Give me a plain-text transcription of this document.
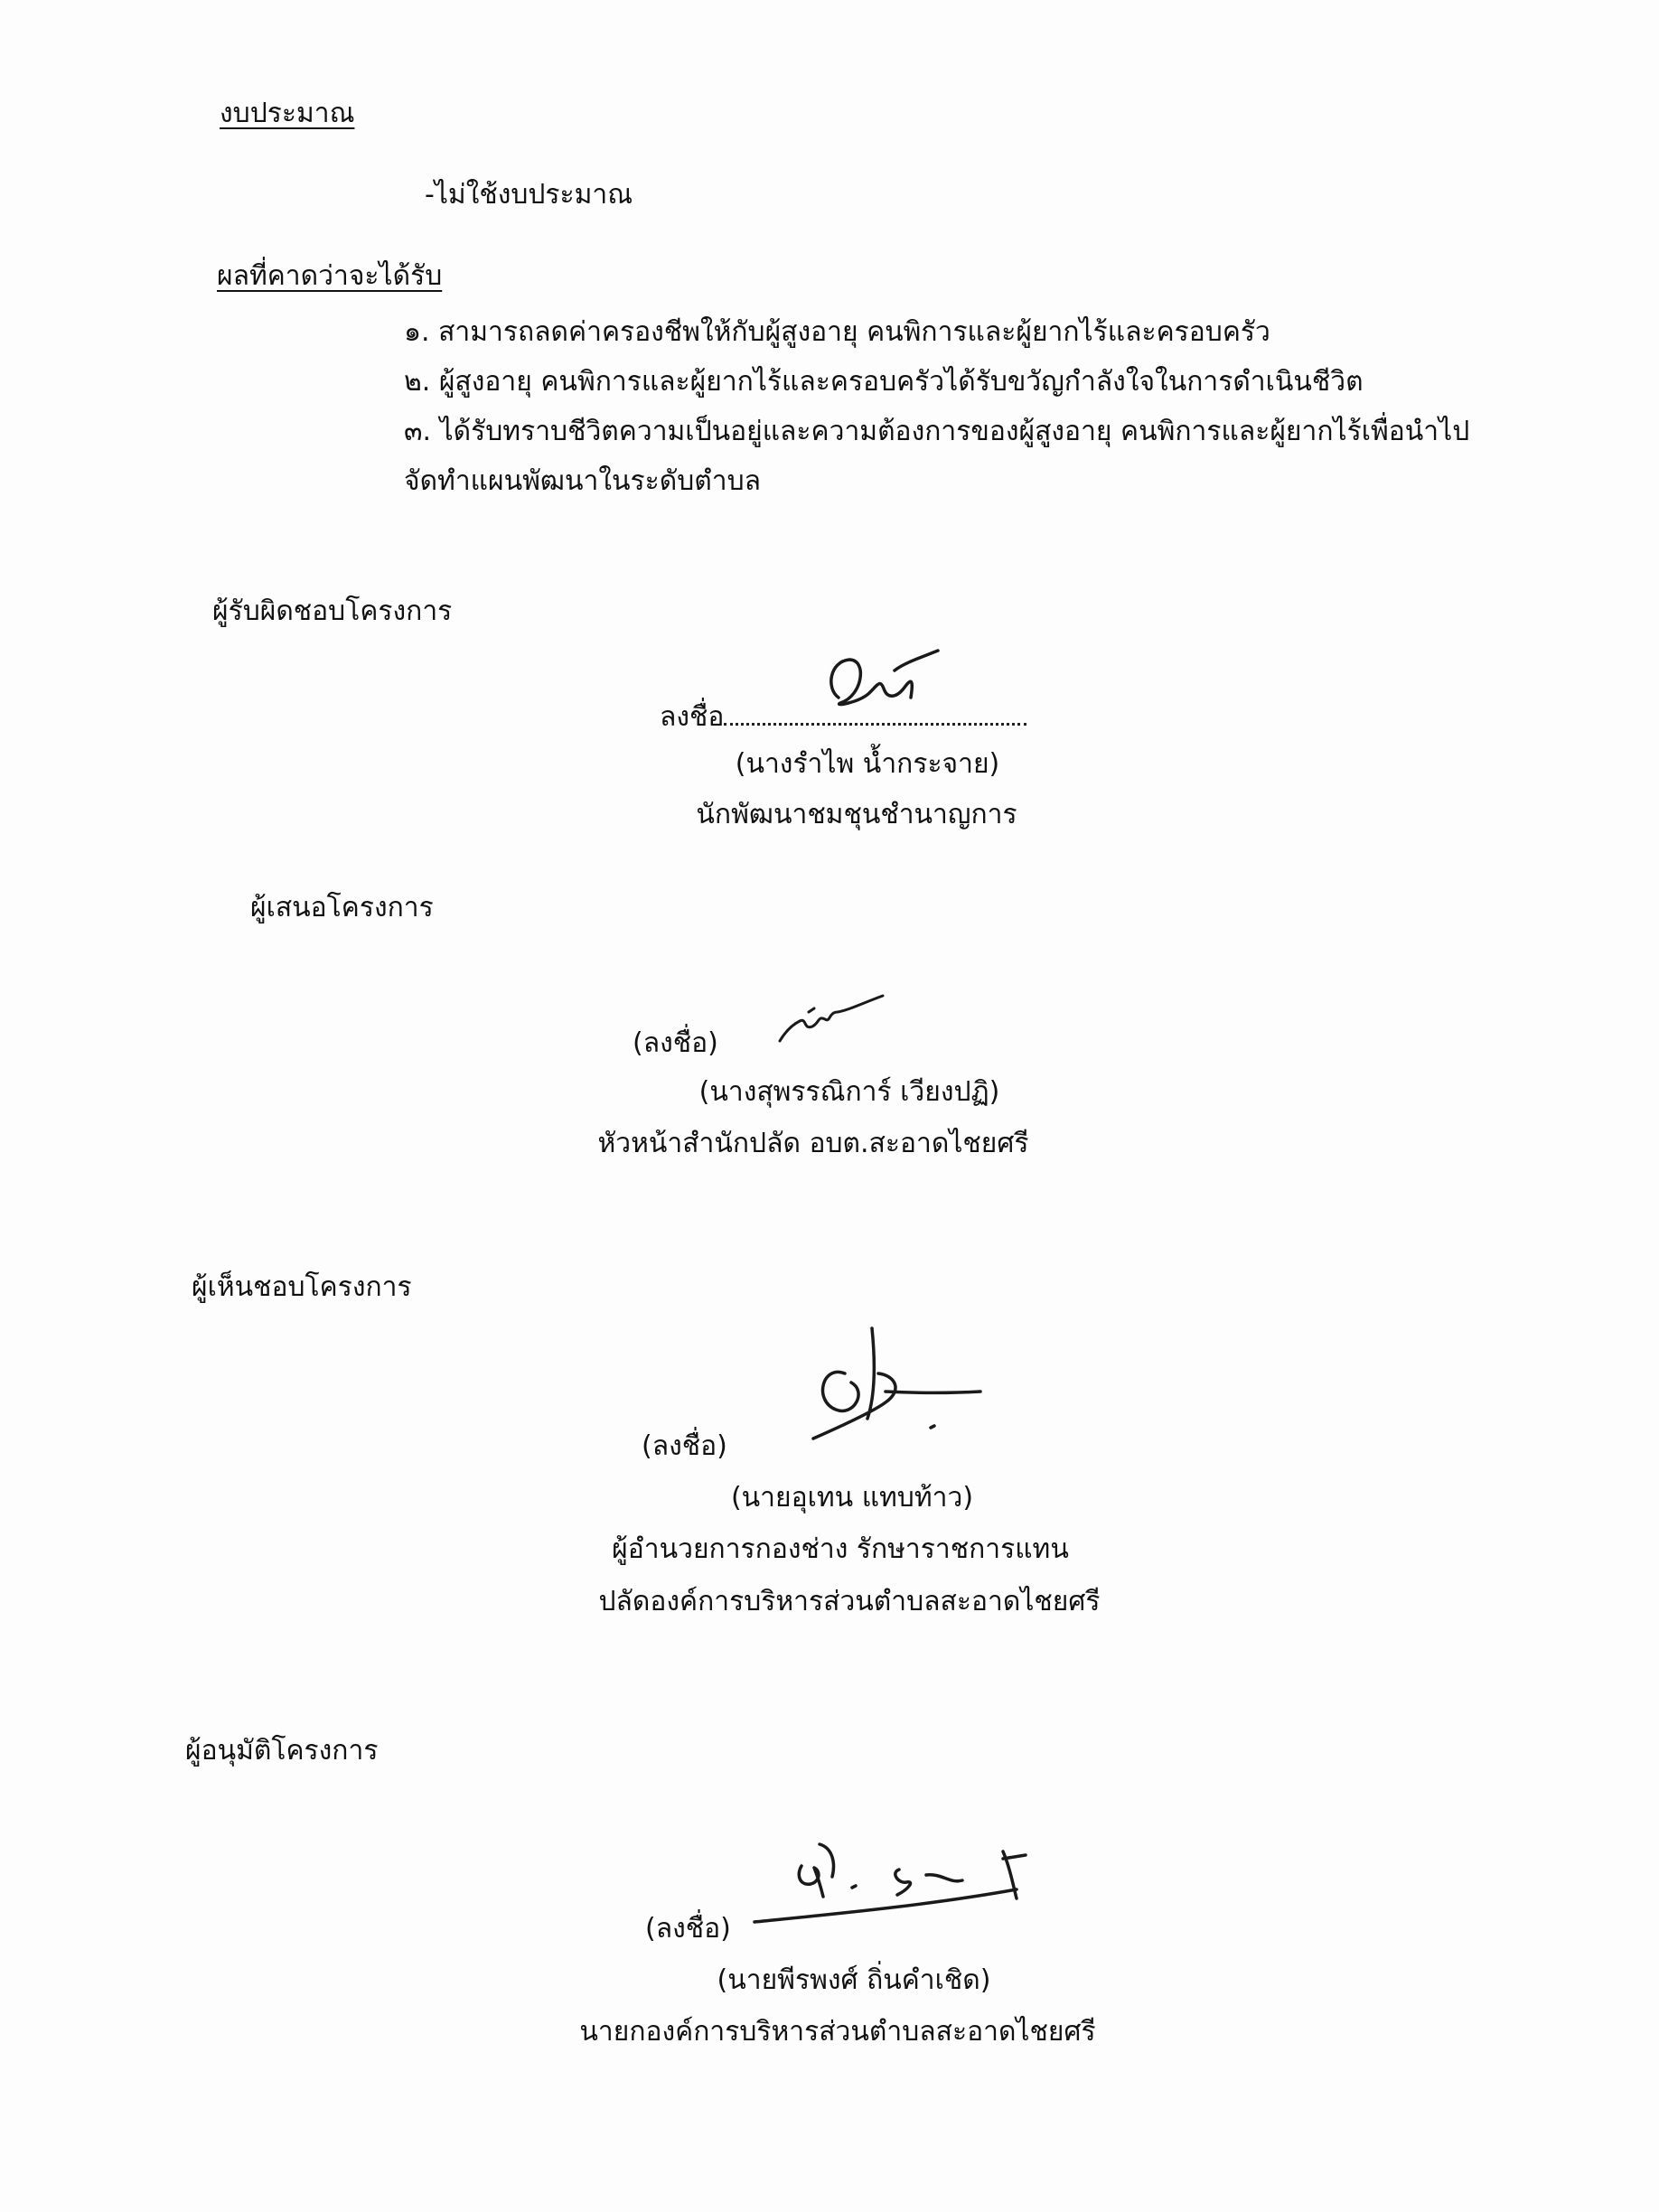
งบประมาณ
-ไม่ใช้งบประมาณ
ผลที่คาดว่าจะได้รับ
๑. สามารถลดค่าครองชีพให้กับผู้สูงอายุ คนพิการและผู้ยากไร้และครอบครัว
๒. ผู้สูงอายุ คนพิการและผู้ยากไร้และครอบครัวได้รับขวัญกำลังใจในการดำเนินชีวิต
๓. ได้รับทราบชีวิตความเป็นอยู่และความต้องการของผู้สูงอายุ คนพิการและผู้ยากไร้เพื่อนำไป
จัดทำแผนพัฒนาในระดับตำบล
ผู้รับผิดชอบโครงการ
ลงชื่อ
(นางรำไพ น้ำกระจาย)
นักพัฒนาชมชุนชำนาญการ
ผู้เสนอโครงการ
(ลงชื่อ)
(นางสุพรรณิการ์ เวียงปฏิ)
หัวหน้าสำนักปลัด อบต.สะอาดไชยศรี
ผู้เห็นชอบโครงการ
(ลงชื่อ)
(นายอุเทน แทบท้าว)
ผู้อำนวยการกองช่าง รักษาราชการแทน
ปลัดองค์การบริหารส่วนตำบลสะอาดไชยศรี
ผู้อนุมัติโครงการ
(ลงชื่อ)
(นายพีรพงศ์ ถิ่นคำเชิด)
นายกองค์การบริหารส่วนตำบลสะอาดไชยศรี
